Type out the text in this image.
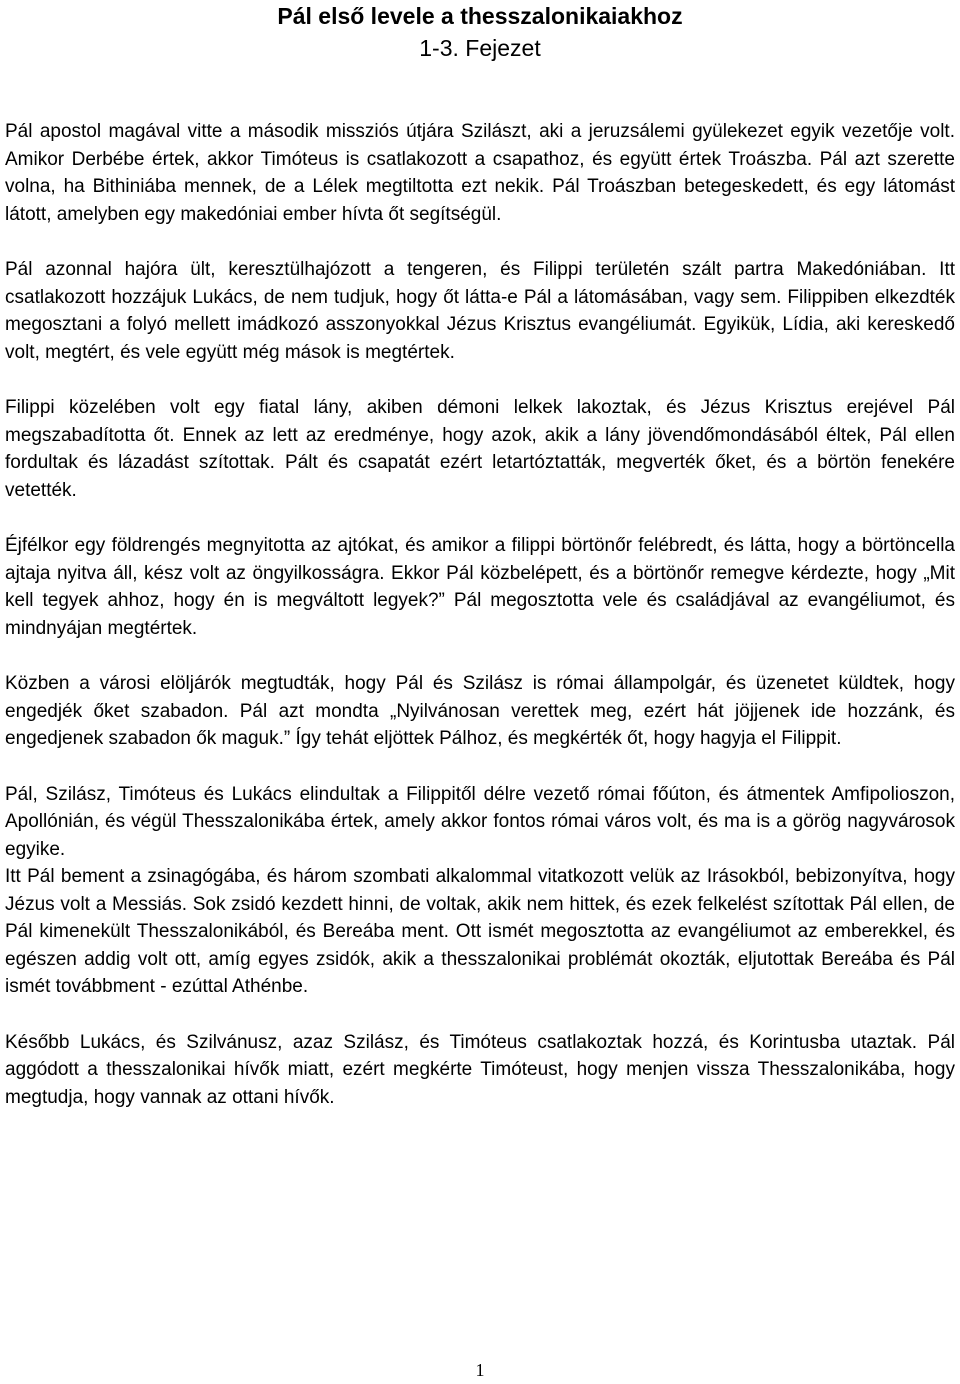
Pál első levele a thesszalonikaiakhoz
1-3. Fejezet

Pál apostol magával vitte a második missziós útjára Szilászt, aki a jeruzsálemi gyülekezet egyik vezetője volt. Amikor Derbébe értek, akkor Timóteus is csatlakozott a csapathoz, és együtt értek Troászba. Pál azt szerette volna, ha Bithiniába mennek, de a Lélek megtiltotta ezt nekik. Pál Troászban betegeskedett, és egy látomást látott, amelyben egy makedóniai ember hívta őt segítségül.

Pál azonnal hajóra ült, keresztülhajózott a tengeren, és Filippi területén szált partra Makedóniában. Itt csatlakozott hozzájuk Lukács, de nem tudjuk, hogy őt látta-e Pál a látomásában, vagy sem. Filippiben elkezdték megosztani a folyó mellett imádkozó asszonyokkal Jézus Krisztus evangéliumát. Egyikük, Lídia, aki kereskedő volt, megtért, és vele együtt még mások is megtértek.

Filippi közelében volt egy fiatal lány, akiben démoni lelkek lakoztak, és Jézus Krisztus erejével Pál megszabadította őt. Ennek az lett az eredménye, hogy azok, akik a lány jövendőmondásából éltek, Pál ellen fordultak és lázadást szítottak. Pált és csapatát ezért letartóztatták, megverték őket, és a börtön fenekére vetették.

Éjfélkor egy földrengés megnyitotta az ajtókat, és amikor a filippi börtönőr felébredt, és látta, hogy a börtöncella ajtaja nyitva áll, kész volt az öngyilkosságra. Ekkor Pál közbelépett, és a börtönőr remegve kérdezte, hogy „Mit kell tegyek ahhoz, hogy én is megváltott legyek?” Pál megosztotta vele és családjával az evangéliumot, és mindnyájan megtértek.

Közben a városi elöljárók megtudták, hogy Pál és Szilász is római állampolgár, és üzenetet küldtek, hogy engedjék őket szabadon. Pál azt mondta „Nyilvánosan verettek meg, ezért hát jöjjenek ide hozzánk, és engedjenek szabadon ők maguk.” Így tehát eljöttek Pálhoz, és megkérték őt, hogy hagyja el Filippit.

Pál, Szilász, Timóteus és Lukács elindultak a Filippitől délre vezető római főúton, és átmentek Amfipolioszon, Apollónián, és végül Thesszalonikába értek, amely akkor fontos római város volt, és ma is a görög nagyvárosok egyike.

Itt Pál bement a zsinagógába, és három szombati alkalommal vitatkozott velük az Irásokból, bebizonyítva, hogy Jézus volt a Messiás. Sok zsidó kezdett hinni, de voltak, akik nem hittek, és ezek felkelést szítottak Pál ellen, de Pál kimenekült Thesszalonikából, és Bereába ment. Ott ismét megosztotta az evangéliumot az emberekkel, és egészen addig volt ott, amíg egyes zsidók, akik a thesszalonikai problémát okozták, eljutottak Bereába és Pál ismét továbbment - ezúttal Athénbe.

Később Lukács, és Szilvánusz, azaz Szilász, és Timóteus csatlakoztak hozzá, és Korintusba utaztak. Pál aggódott a thesszalonikai hívők miatt, ezért megkérte Timóteust, hogy menjen vissza Thesszalonikába, hogy megtudja, hogy vannak az ottani hívők.

1
